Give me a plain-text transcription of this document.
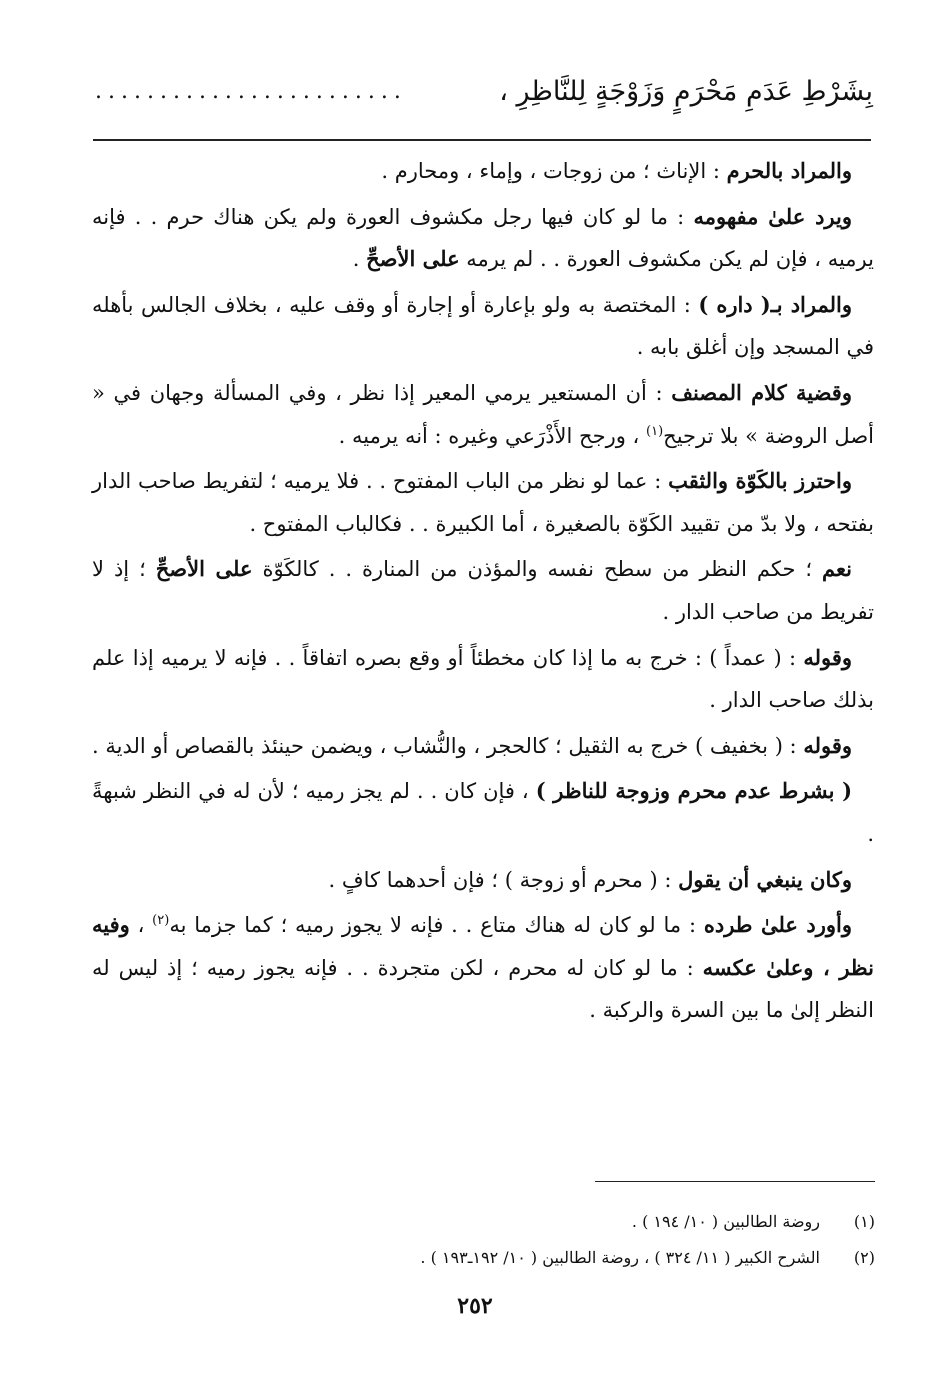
بِشَرْطِ عَدَمِ مَحْرَمٍ وَزَوْجَةٍ لِلنَّاظِرِ ،
........................

والمراد بالحرم : الإناث ؛ من زوجات ، وإماء ، ومحارم .

ويرد علىٰ مفهومه : ما لو كان فيها رجل مكشوف العورة ولم يكن هناك حرم . . فإنه يرميه ، فإن لم يكن مكشوف العورة . . لم يرمه على الأصحِّ .

والمراد بـ( داره ) : المختصة به ولو بإعارة أو إجارة أو وقف عليه ، بخلاف الجالس بأهله في المسجد وإن أغلق بابه .

وقضية كلام المصنف : أن المستعير يرمي المعير إذا نظر ، وفي المسألة وجهان في « أصل الروضة » بلا ترجيح$^{(١)}$ ، ورجح الأَذْرَعي وغيره : أنه يرميه .

واحترز بالكَوّة والثقب : عما لو نظر من الباب المفتوح . . فلا يرميه ؛ لتفريط صاحب الدار بفتحه ، ولا بدّ من تقييد الكَوّة بالصغيرة ، أما الكبيرة . . فكالباب المفتوح .

نعم ؛ حكم النظر من سطح نفسه والمؤذن من المنارة . . كالكَوّة على الأصحِّ ؛ إذ لا تفريط من صاحب الدار .

وقوله : ( عمداً ) : خرج به ما إذا كان مخطئاً أو وقع بصره اتفاقاً . . فإنه لا يرميه إذا علم بذلك صاحب الدار .

وقوله : ( بخفيف ) خرج به الثقيل ؛ كالحجر ، والنُّشاب ، ويضمن حينئذ بالقصاص أو الدية .

( بشرط عدم محرم وزوجة للناظر ) ، فإن كان . . لم يجز رميه ؛ لأن له في النظر شبهةً .

وكان ينبغي أن يقول : ( محرم أو زوجة ) ؛ فإن أحدهما كافٍ .

وأورد علىٰ طرده : ما لو كان له هناك متاع . . فإنه لا يجوز رميه ؛ كما جزما به$^{(٢)}$ ، وفيه نظر ، وعلىٰ عكسه : ما لو كان له محرم ، لكن متجردة . . فإنه يجوز رميه ؛ إذ ليس له النظر إلىٰ ما بين السرة والركبة .

(١)
روضة الطالبين ( ١٠/ ١٩٤ ) .
(٢)
الشرح الكبير ( ١١/ ٣٢٤ ) ، روضة الطالبين ( ١٠/ ١٩٢ـ١٩٣ ) .
٢٥٢
